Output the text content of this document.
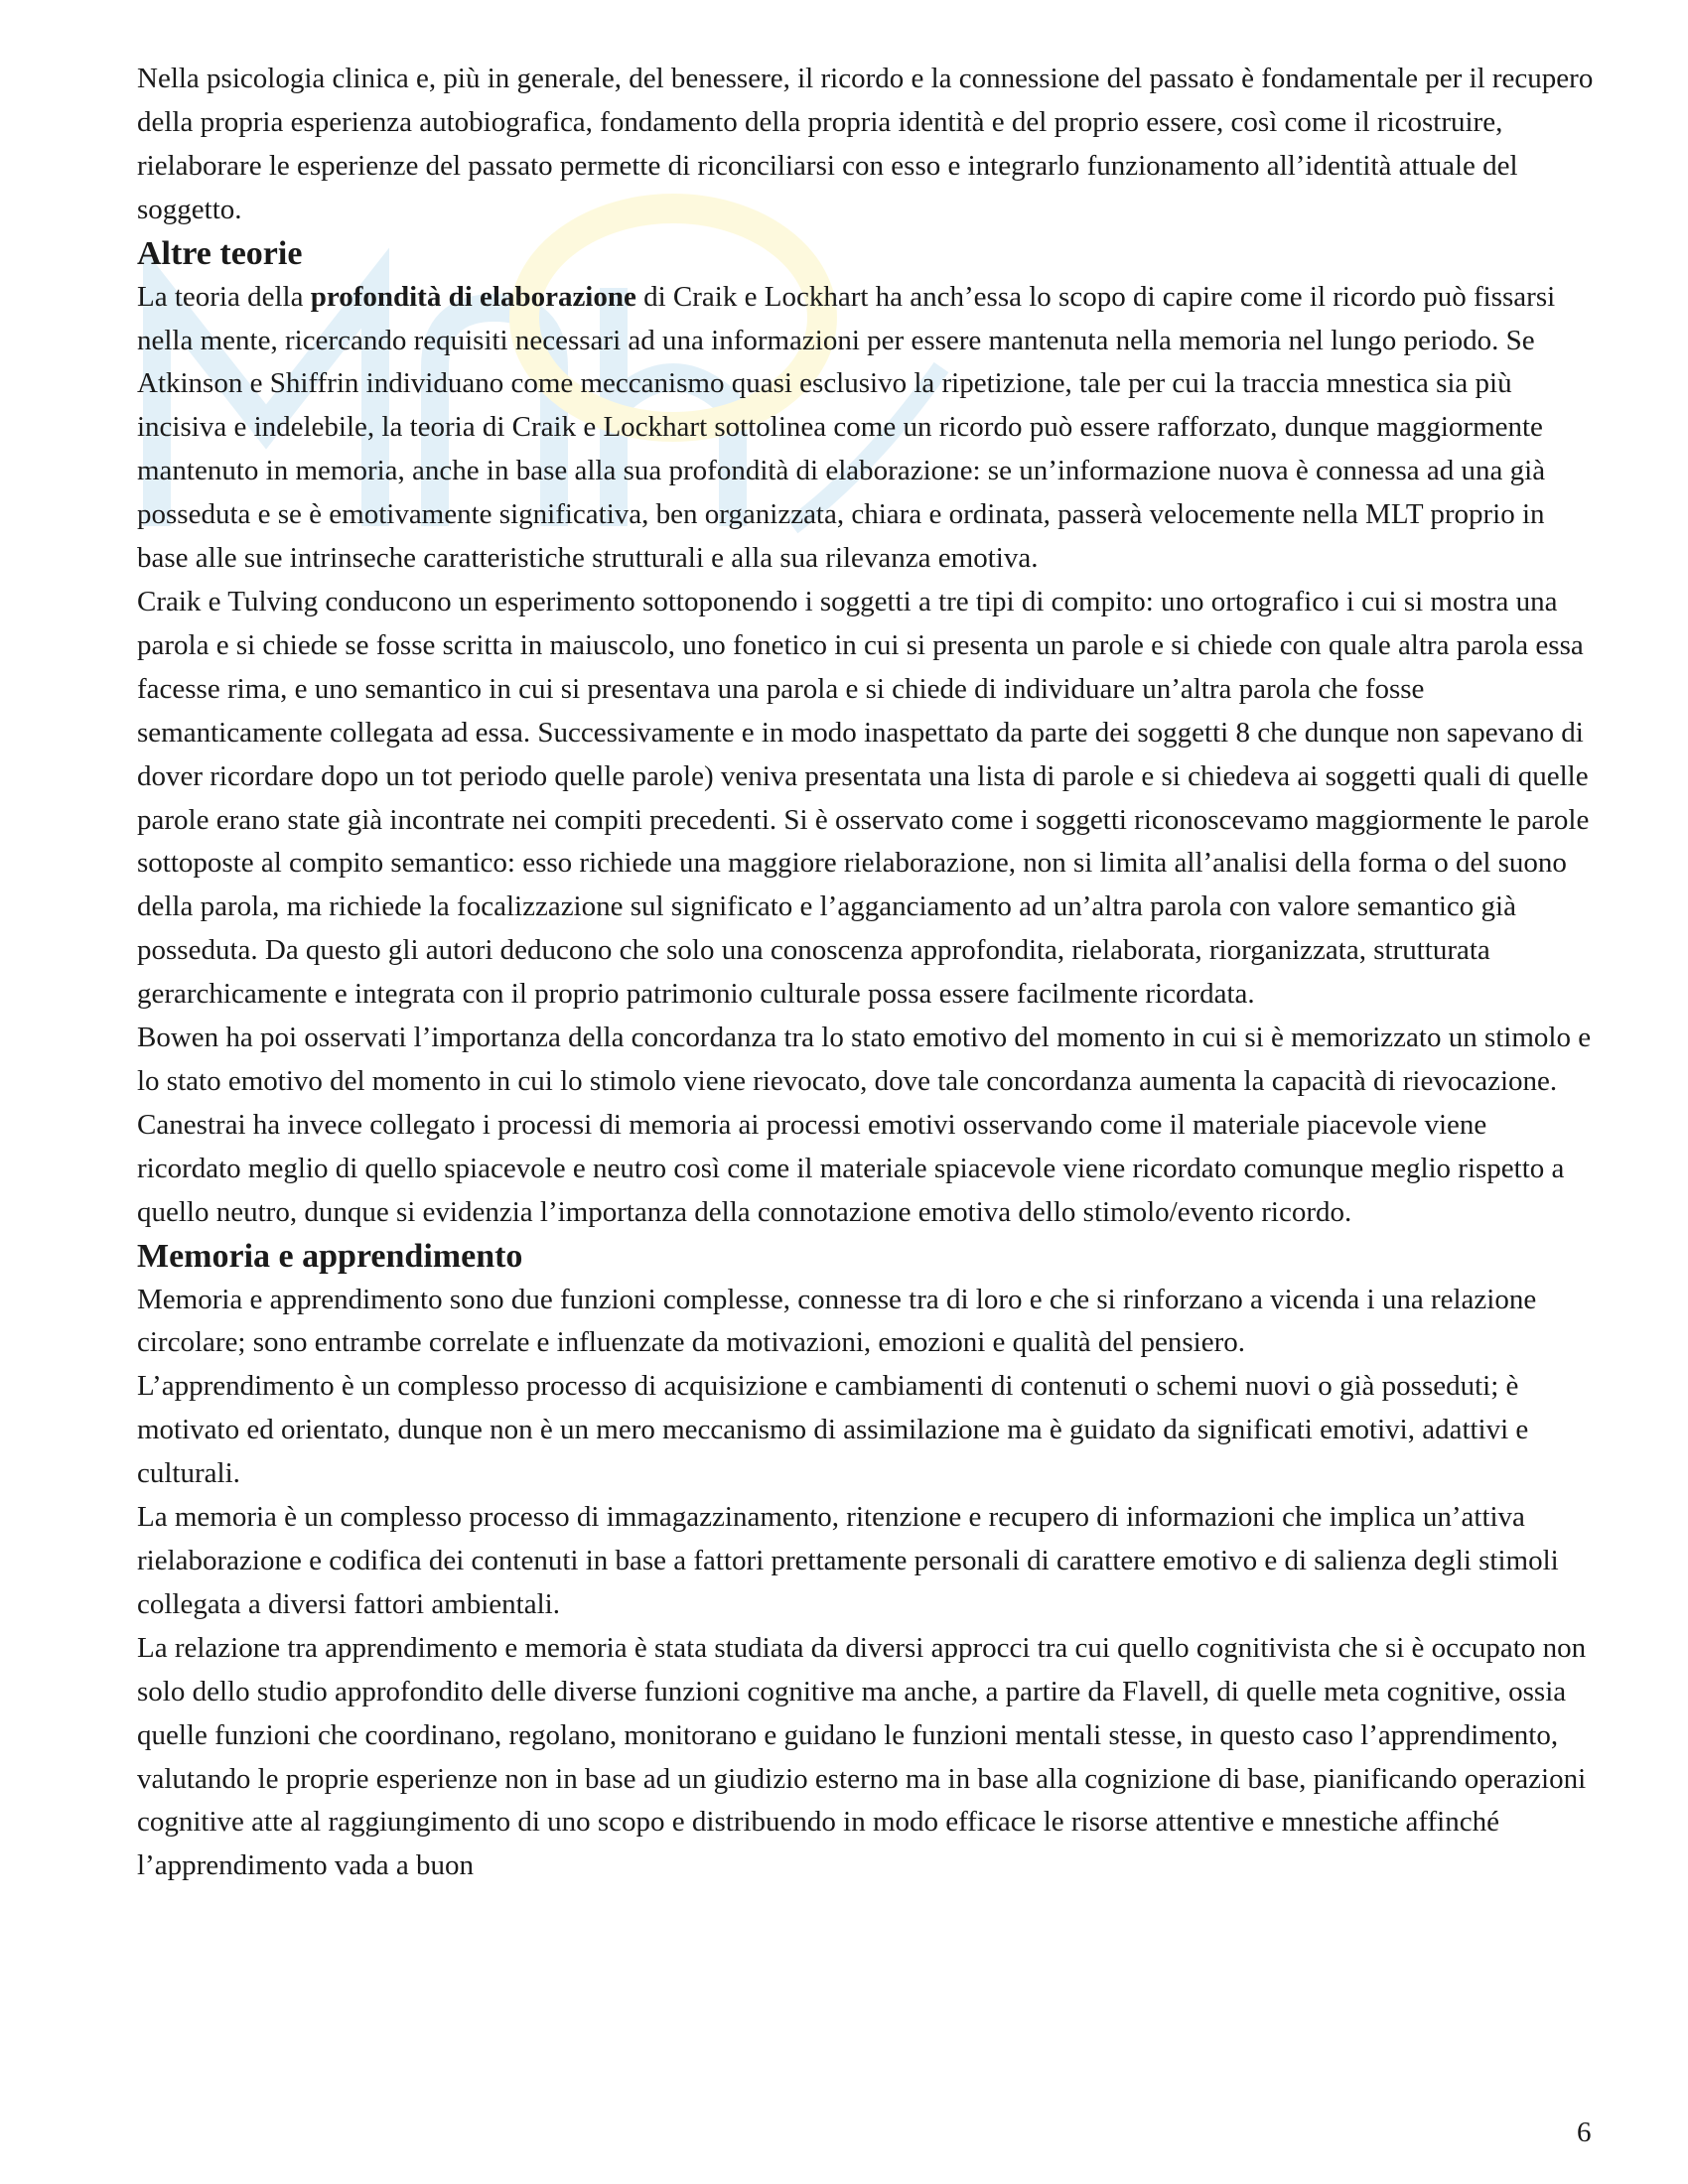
Nella psicologia clinica e, più in generale, del benessere, il ricordo e la connessione del passato è fondamentale per il recupero della propria esperienza autobiografica, fondamento della propria identità e del proprio essere, così come il ricostruire, rielaborare le esperienze del passato permette di riconciliarsi con esso e integrarlo funzionamento all’identità attuale del soggetto.

Altre teorie

La teoria della profondità di elaborazione di Craik e Lockhart ha anch’essa lo scopo di capire come il ricordo può fissarsi nella mente, ricercando requisiti necessari ad una informazioni per essere mantenuta nella memoria nel lungo periodo. Se Atkinson e Shiffrin individuano come meccanismo quasi esclusivo la ripetizione, tale per cui la traccia mnestica sia più incisiva e indelebile, la teoria di Craik e Lockhart sottolinea come un ricordo può essere rafforzato, dunque maggiormente mantenuto in memoria, anche in base alla sua profondità di elaborazione: se un’informazione nuova è connessa ad una già posseduta e se è emotivamente significativa, ben organizzata, chiara e ordinata, passerà velocemente nella MLT proprio in base alle sue intrinseche caratteristiche strutturali e alla sua rilevanza emotiva.

Craik e Tulving conducono un esperimento sottoponendo i soggetti a tre tipi di compito: uno ortografico i cui si mostra una parola e si chiede se fosse scritta in maiuscolo, uno fonetico in cui si presenta un parole e si chiede con quale altra parola essa facesse rima, e uno semantico in cui si presentava una parola e si chiede di individuare un’altra parola che fosse semanticamente collegata ad essa. Successivamente e in modo inaspettato da parte dei soggetti 8 che dunque non sapevano di dover ricordare dopo un tot periodo quelle parole) veniva presentata una lista di parole e si chiedeva ai soggetti quali di quelle parole erano state già incontrate nei compiti precedenti. Si è osservato come i soggetti riconoscevamo maggiormente le parole sottoposte al compito semantico: esso richiede una maggiore rielaborazione, non si limita all’analisi della forma o del suono della parola, ma richiede la focalizzazione sul significato e l’agganciamento ad un’altra parola con valore semantico già posseduta. Da questo gli autori deducono che solo una conoscenza approfondita, rielaborata, riorganizzata, strutturata gerarchicamente e integrata con il proprio patrimonio culturale possa essere facilmente ricordata.

Bowen ha poi osservati l’importanza della concordanza tra lo stato emotivo del momento in cui si è memorizzato un stimolo e lo stato emotivo del momento in cui lo stimolo viene rievocato, dove tale concordanza aumenta la capacità di rievocazione. Canestrai ha invece collegato i processi di memoria ai processi emotivi osservando come il materiale piacevole viene ricordato meglio di quello spiacevole e neutro così come il materiale spiacevole viene ricordato comunque meglio rispetto a quello neutro, dunque si evidenzia l’importanza della connotazione emotiva dello stimolo/evento ricordo.

Memoria e apprendimento

Memoria e apprendimento sono due funzioni complesse, connesse tra di loro e che si rinforzano a vicenda i una relazione circolare; sono entrambe correlate e influenzate da motivazioni, emozioni e qualità del pensiero.

L’apprendimento è un complesso processo di acquisizione e cambiamenti di contenuti o schemi nuovi o già posseduti; è motivato ed orientato, dunque non è un mero meccanismo di assimilazione ma è guidato da significati emotivi, adattivi e culturali.

La memoria è un complesso processo di immagazzinamento, ritenzione e recupero di informazioni che implica un’attiva rielaborazione e codifica dei contenuti in base a fattori prettamente personali di carattere emotivo e di salienza degli stimoli collegata a diversi fattori ambientali.

La relazione tra apprendimento e memoria è stata studiata da diversi approcci tra cui quello cognitivista che si è occupato non solo dello studio approfondito delle diverse funzioni cognitive ma anche, a partire da Flavell, di quelle meta cognitive, ossia quelle funzioni che coordinano, regolano, monitorano e guidano le funzioni mentali stesse, in questo caso l’apprendimento, valutando le proprie esperienze non in base ad un giudizio esterno ma in base alla cognizione di base, pianificando operazioni cognitive atte al raggiungimento di uno scopo e distribuendo in modo efficace le risorse attentive e mnestiche affinché l’apprendimento vada a buon

6
